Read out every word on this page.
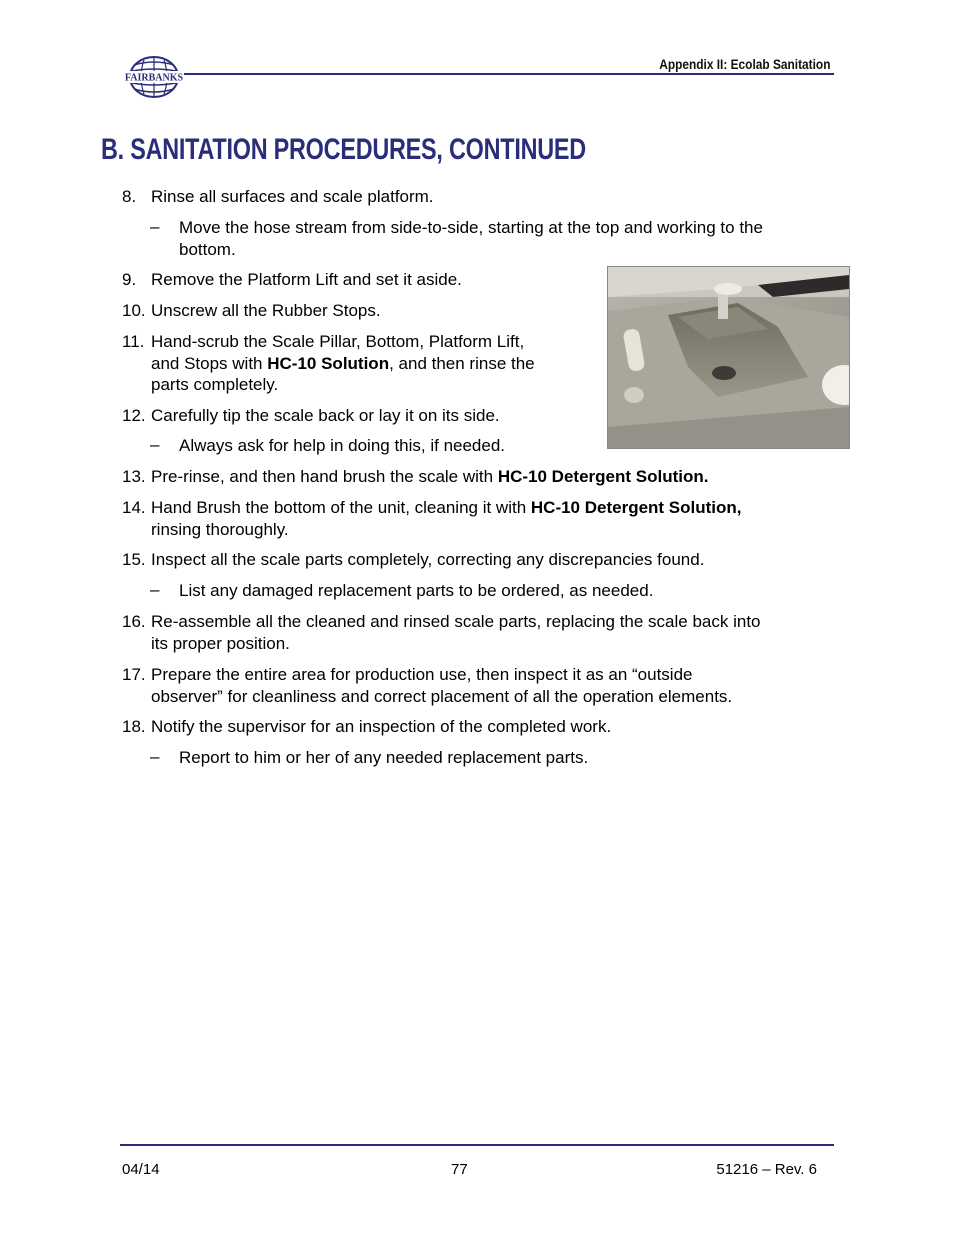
FAIRBANKS
Appendix II: Ecolab Sanitation
B. SANITATION PROCEDURES, CONTINUED
8. Rinse all surfaces and scale platform.
– Move the hose stream from side-to-side, starting at the top and working to the
bottom.
9. Remove the Platform Lift and set it aside.
10. Unscrew all the Rubber Stops.
11. Hand-scrub the Scale Pillar, Bottom, Platform Lift,
and Stops with HC-10 Solution, and then rinse the
parts completely.
12. Carefully tip the scale back or lay it on its side.
– Always ask for help in doing this, if needed.
13. Pre-rinse, and then hand brush the scale with HC-10 Detergent Solution.
14. Hand Brush the bottom of the unit, cleaning it with HC-10 Detergent Solution,
rinsing thoroughly.
15. Inspect all the scale parts completely, correcting any discrepancies found.
– List any damaged replacement parts to be ordered, as needed.
16. Re-assemble all the cleaned and rinsed scale parts, replacing the scale back into
its proper position.
17. Prepare the entire area for production use, then inspect it as an “outside
observer” for cleanliness and correct placement of all the operation elements.
18. Notify the supervisor for an inspection of the completed work.
– Report to him or her of any needed replacement parts.
04/14	77	51216 – Rev. 6
